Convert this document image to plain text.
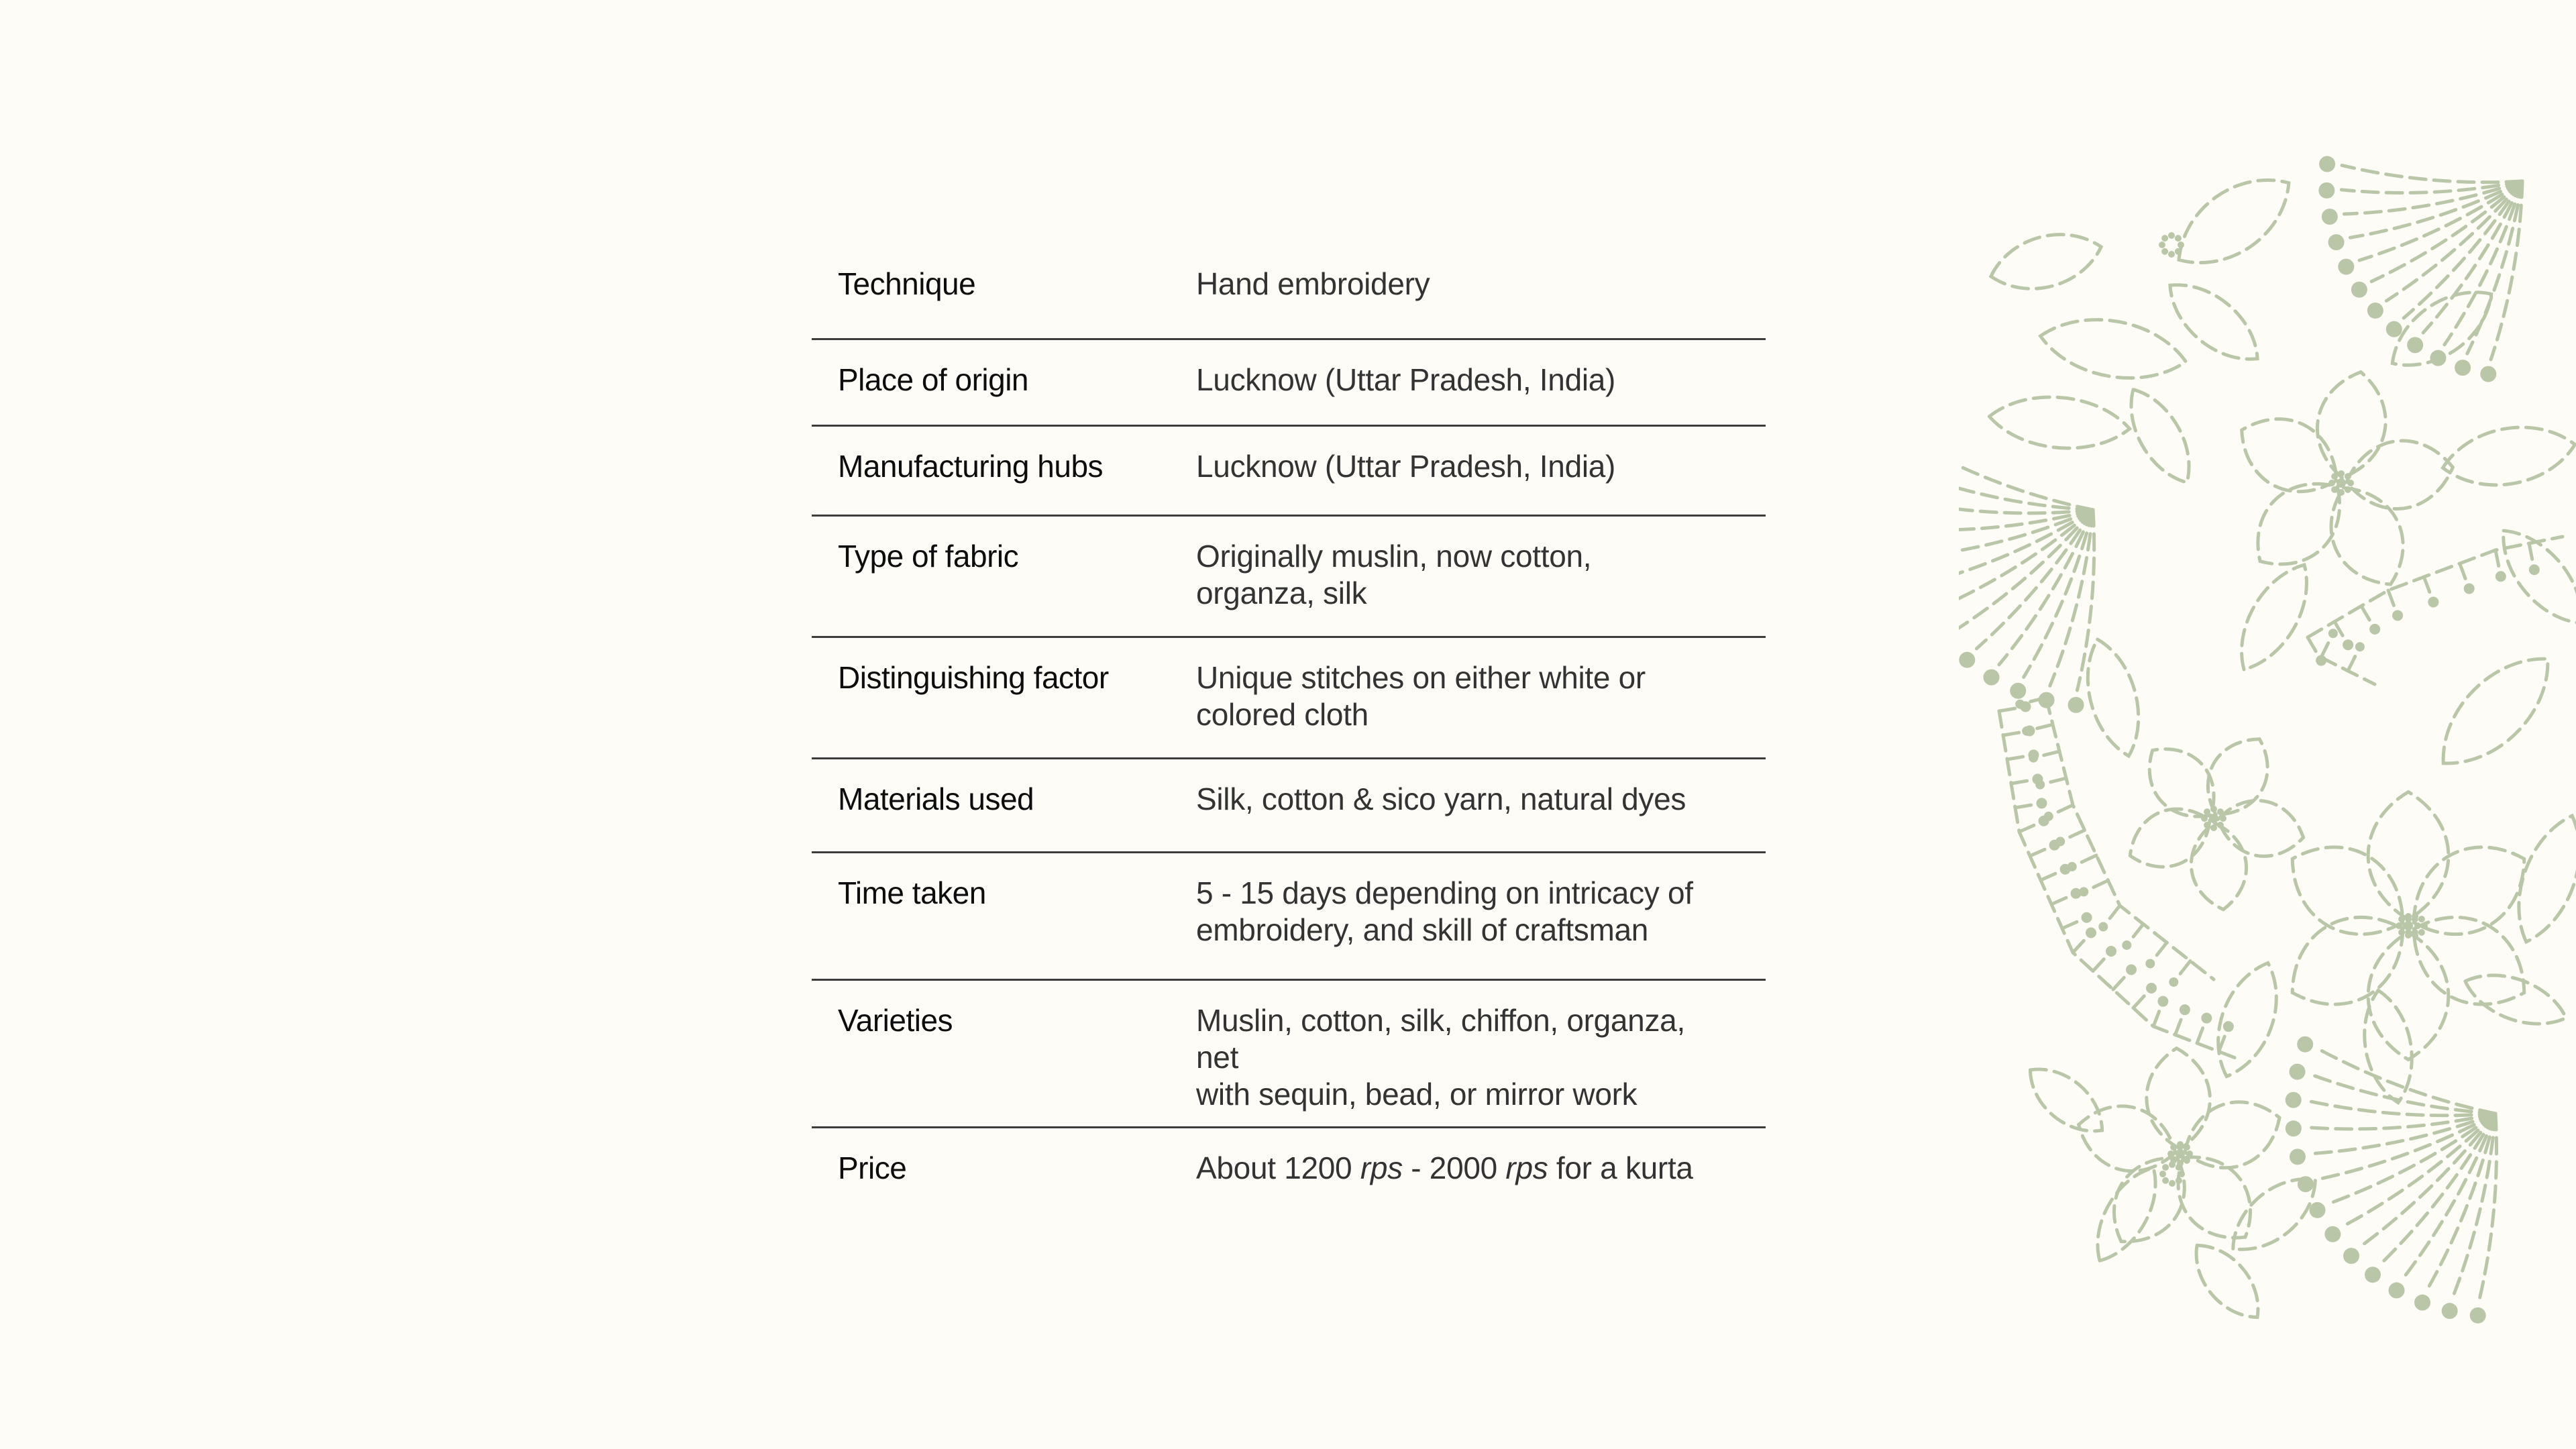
Technique	Hand embroidery
Place of origin	Lucknow (Uttar Pradesh, India)
Manufacturing hubs	Lucknow (Uttar Pradesh, India)
Type of fabric	Originally muslin, now cotton,
organza, silk

Distinguishing factor	Unique stitches on either white or
colored cloth

Materials used	Silk, cotton & sico yarn, natural dyes
Time taken	5 - 15 days depending on intricacy of
embroidery, and skill of craftsman

Varieties	Muslin, cotton, silk, chiffon, organza, net
with sequin, bead, or mirror work

Price	About 1200 rps - 2000 rps for a kurta
